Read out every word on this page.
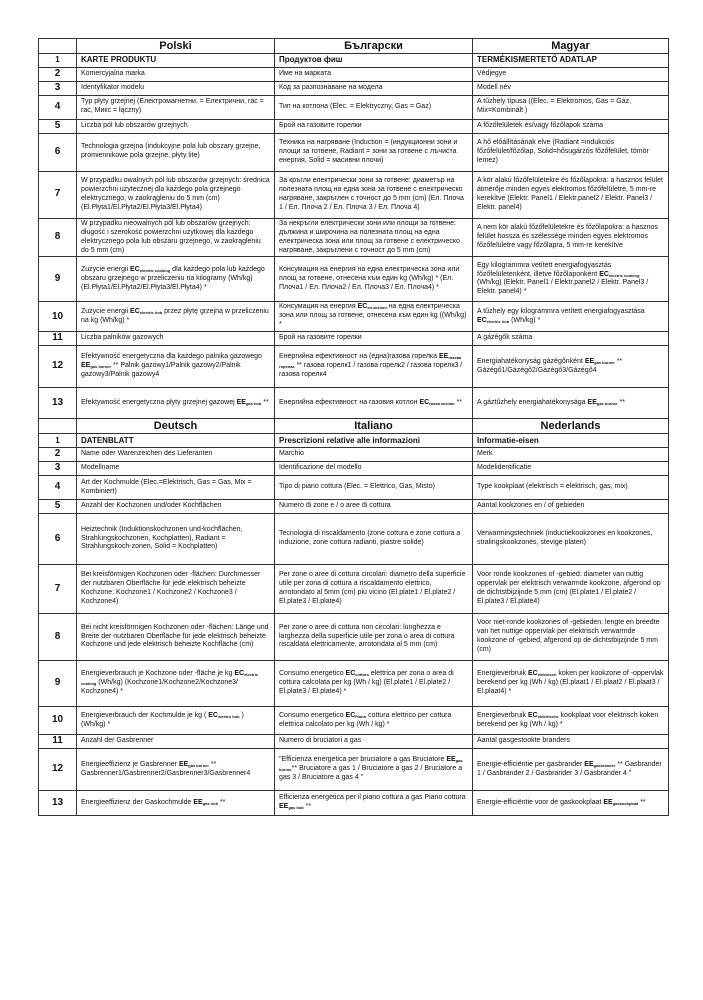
	Polski	Български	Magyar
1	KARTE PRODUKTU	Продуктов фиш	TERMÉKISMERTETŐ ADATLAP
2	Komercyjalna marka	Име на марката	Védjegye
3	Identyfikator modelu	Код за разпознаване на модела	Modell név
4	Typ płyty grzejnej (Електромагнетни. = Електрични, гас = гас, Микс = łączny)	Тип на котлона (Elec. = Elektryczny, Gas = Gaz)	A tűzhely típusa ((Elec. = Elektromos, Gas = Gáz, Mix=Kombinált )
5	Liczba pól lub obszarów grzejnych	Брой на газовите горелки	A főzőfelületek és/vagy főzőlapok száma
6	Technologia grzejna (indukcyjne pola lub obszary grzejne, promiennikowe pola grzejne, płyty lite)	Техника на нагряване (Induction = (индукционни зони и площи за готвене, Radiant = зони за готвене с лъчиста енергия, Solid = масивни плочи)	A hő előállításának elve (Radiant =indukciós főzőfelület/főzőlap, Solid=hősugárzós főzőfelület, tömör lemez)
7	W przypadku owalnych pól lub obszarów grzejnych: średnica powierzchni użytecznej dla każdego pola grzejnego elektrycznego, w zaokrągleniu do 5 mm (cm) (El.Płyta1/El.Płyta2/El.Płyta3/El.Płyta4)	За кръгли електрически зони за готвене: диаметър на полезната площ на една зона за готвене с електрическо нагряване, закръглен с точност до 5 mm (cm) (Ел. Плоча 1 / Ел. Плоча 2 / Ел. Плоча 3 / Ел. Плоча 4)	A kör alakú főzőfelületekre és főzőlapokra: a hasznos felület átmérője minden egyes elektromos főzőfelületre, 5 mm-re kerekítve (Elektr. Panel1 / Elektr.panel2 / Elektr. Panel3 / Elektr. panel4)
8	W przypadku nieowalnych pól lub obszarów grzejnych: długość i szerokość powierzchni użytkowej dla każdego elektrycznego pola lub obszaru grzejnego, w zaokrągleniu do 5 mm (cm)	За некръгли електрически зони или площи за готвене: дължина и широчина на полезната площ на една електрическа зона или площ за готвене с електрическо нагряване, закръглени с точност до 5 mm (cm)	A nem kör alakú főzőfelületekre és főzőlapokra: a hasznos felület hossza és szélessége minden egyes elektromos főzőfelületre vagy főzőlapra, 5 mm-re kerekítve
9	Zużycie energii $EC_{electric cooking}$ dla każdego pola lub każdego obszaru grzejnego w przeliczeniu na kilogramy (Wh/kg) (El.Płyta1/El.Płyta2/El.Płyta3/El.Płyta4) *	Консумация на енергия на една електрическа зона или площ за готвене, отнесена към един kg (Wh/kg) * (Ел. Плоча1 / Ел. Плоча2 / Ел. Плоча3 / Ел. Плоча4) *	Egy kilogrammra vetített energiafogyasztás főzőfelületenként, illetve főzőlaponként $EC_{electric cooking}$ (Wh/kg) (Elektr. Panel1 / Elektr.panel2 / Elektr. Panel3 / Elektr. panel4) *
10	Zużycie energii $EC_{electric hob}$ przez płytę grzejną w przeliczeniu na kg (Wh/kg) *	Консумация на енергия $EC_{ел.котлон}$ на една електрическа зона или площ за готвене, отнесена към един kg ((Wh/kg) *	A tűzhely egy kilogrammra vetített energiafogyasztása $EC_{electric hob}$ (Wh/kg) *
11	Liczba palników gazowych	Брой на газовите горелки	A gázégők száma
12	Efektywność energetyczna dla każdego palnika gazowego $EE_{gas burner}$ ** Palnik gazowy1/Palnik gazowy2/Palnik gazowy3/Palnik gazowy4	Енергийна ефективност на (една)газова горелка $EE_{газова горелка}$ ** газова горелк1 / газова горелк2 / газова горелк3 / газова горелк4	Energiahatékonyság gázégőnként $EE_{gas burner}$ ** Gázégő1/Gázégő2/Gázégő3/Gázégő4
13	Efektywność energetyczna płyty grzejnej gazowej $EE_{gas hob}$ **	Енергийна ефективност на газовия котлон $EC_{газов котлон}$ **	A gáztűzhely energiahatékonysága $EE_{gas burner}$ **
	Deutsch	Italiano	Nederlands
1	DATENBLATT	Prescrizioni relative alle informazioni	Informatie-eisen
2	Name oder Warenzeichen des Lieferanten	Marchio	Merk
3	Modellname	Identificazione del modello	Modelidentificatie
4	Art der Kochmulde (Elec.=Elektrisch, Gas = Gas, Mix = Kombiniert)	Tipo di piano cottura (Elec. = Elettrico, Gas, Misto)	Type kookplaat (elektrisch = elektrisch, gas, mix)
5	Anzahl der Kochzonen und/oder Kochflächen	Numero di zone e / o aree di cottura	Aantal kookzones en / of gebieden
6	Heiztechnik (Induktionskochzonen und-kochflächen, Strahlungskochzonen, Kochplatten), Radiant = Strahlungskoch-zonen, Solid = Kochplatten)	Tecnologia di riscaldamento (zone cottura e zone cottura a induzione, zone cottura radianti, piastre solide)	Verwarmingstechniek (inductiekookzones en kookzones, stralingskookzones, stevige platen)
7	Bei kreisförmigen Kochzonen oder -flächen: Durchmesser der nutzbaren Oberfläche für jede elektrisch beheizte Kochzone: Kochzone1 / Kochzone2 / Kochzone3 / Kochzone4)	Per zone o aree di cottura circolari: diametro della superficie utile per zona di cottura a riscaldamento elettrico, arrotondato al 5mm (cm) più vicino (El.plate1 / El.plate2 / El.plate3 / El.plate4)	Voor ronde kookzones of -gebied: diameter van nuttig oppervlak per elektrisch verwarmde kookzone, afgerond op de dichtstbijzijnde 5 mm (cm) (El.plate1 / El.plate2 / El.plate3 / El.plate4)
8	Bei nicht kreisförmigen Kochzonen oder -flächen: Länge und Breite der nutzbaren Oberfläche für jede elektrisch beheizte Kochzone und jede elektrisch beheizte Kochfläche (cm)	Per zone o aree di cottura non circolari: lunghezza e larghezza della superficie utile per zona o area di cottura riscaldata elettricamente, arrotondata al 5 mm (cm)	Voor niet-ronde kookzones of -gebieden: lengte en breedte van het nuttige oppervlak per elektrisch verwarmde kookzone of -gebied, afgerond op de dichtstbijzijnde 5 mm (cm)
9	Energieverbrauch je Kochzone oder -fläche je kg $EC_{electric cooking}$ (Wh/kg) (Kochzone1/Kochzone2/Kochzone3/ Kochzone4) *	Consumo energetico $EC_{cottura}$ elettrica per zona o area di cottura calcolata per kg (Wh / kg) (El.plate1 / El.plate2 / El.plate3 / El.plate4) *	Energieverbruik $EC_{elektrisch}$ koken per kookzone of -oppervlak berekend per kg (Wh / kg) (El.plaat1 / El.plaat2 / El.plaat3 / El.plaat4) *
10	Energieverbrauch der Kochmulde je kg ( $EC_{elektro hob}$ ) (Wh/kg) *	Consumo energetico $EC_{Piano}$ cottura elettrico per cottura elettrica calcolato per kg (Wh / kg) *	Energieverbruik $EC_{elektrische}$ kookplaat voor elektrisch koken berekend per kg (Wh / kg) *
11	Anzahl der Gasbrenner	Numero di bruciatori a gas	Aantal gasgestookte branders
12	Energieeffizienz je Gasbrenner $EE_{gas burner}$ ** Gasbrenner1/Gasbrenner2/Gasbrenner3/Gasbrenner4	"Efficienza energetica per bruciatore a gas Bruciatore $EE_{gas burner}**$ Bruciatore a gas 1 / Bruciatore a gas 2 / Bruciatore a gas 3 / Bruciatore a gas 4 "	Energie-efficiëntie per gasbrander $EE_{gasbrander}$ ** Gasbrander 1 / Gasbrander 2 / Gasbrander 3 / Gasbrander 4 "
13	Energieeffizienz der Gaskochmulde $EE_{gas hob}$ **	Efficienza energetica per il piano cottura a gas Piano cottura $EE_{gas hob}$ **	Energie-efficiëntie voor de gaskookplaat $EE_{gaskookplaat}$ **
